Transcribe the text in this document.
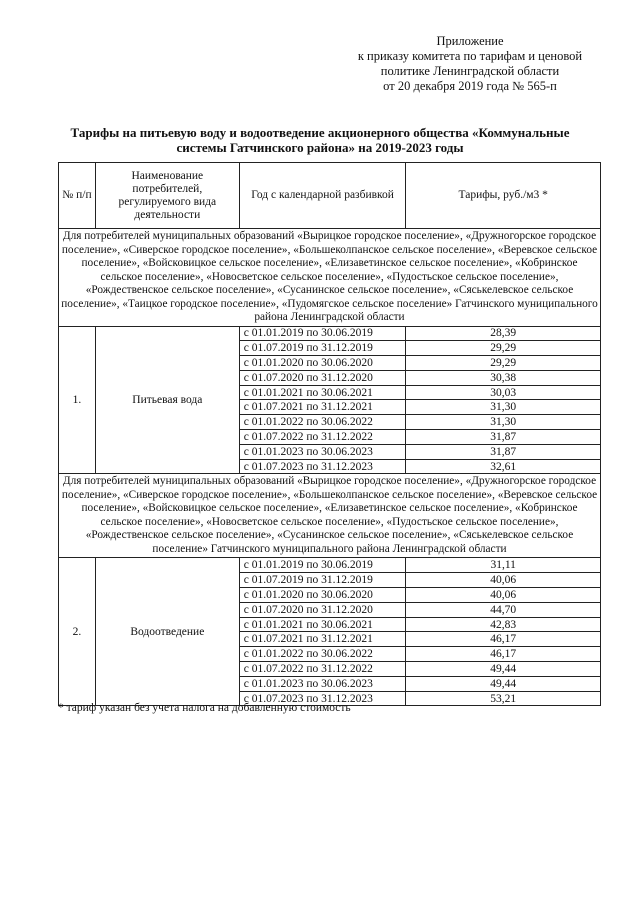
Приложение
к приказу комитета по тарифам и ценовой
политике Ленинградской области
от 20 декабря 2019 года № 565-п
Тарифы на питьевую воду и водоотведение акционерного общества «Коммунальные
системы Гатчинского района» на 2019-2023 годы
№ п/п	Наименование потребителей, регулируемого вида деятельности	Год с календарной разбивкой	Тарифы, руб./м3 *
Для потребителей муниципальных образований «Вырицкое городское поселение», «Дружногорское городское поселение», «Сиверское городское поселение», «Большеколпанское сельское поселение», «Веревское сельское поселение», «Войсковицкое сельское поселение», «Елизаветинское сельское поселение», «Кобринское сельское поселение», «Новосветское сельское поселение», «Пудостьское сельское поселение», «Рождественское сельское поселение», «Сусанинское сельское поселение», «Сяськелевское сельское поселение», «Таицкое городское поселение», «Пудомягское сельское поселение» Гатчинского муниципального района Ленинградской области			
1.	Питьевая вода	с 01.01.2019 по 30.06.2019	28,39
		с 01.07.2019 по 31.12.2019	29,29
		с 01.01.2020 по 30.06.2020	29,29
		с 01.07.2020 по 31.12.2020	30,38
		с 01.01.2021 по 30.06.2021	30,03
		с 01.07.2021 по 31.12.2021	31,30
		с 01.01.2022 по 30.06.2022	31,30
		с 01.07.2022 по 31.12.2022	31,87
		с 01.01.2023 по 30.06.2023	31,87
		с 01.07.2023 по 31.12.2023	32,61
Для потребителей муниципальных образований «Вырицкое городское поселение», «Дружногорское городское поселение», «Сиверское городское поселение», «Большеколпанское сельское поселение», «Веревское сельское поселение», «Войсковицкое сельское поселение», «Елизаветинское сельское поселение», «Кобринское сельское поселение», «Новосветское сельское поселение», «Пудостьское сельское поселение», «Рождественское сельское поселение», «Сусанинское сельское поселение», «Сяськелевское сельское поселение» Гатчинского муниципального района Ленинградской области			
2.	Водоотведение	с 01.01.2019 по 30.06.2019	31,11
		с 01.07.2019 по 31.12.2019	40,06
		с 01.01.2020 по 30.06.2020	40,06
		с 01.07.2020 по 31.12.2020	44,70
		с 01.01.2021 по 30.06.2021	42,83
		с 01.07.2021 по 31.12.2021	46,17
		с 01.01.2022 по 30.06.2022	46,17
		с 01.07.2022 по 31.12.2022	49,44
		с 01.01.2023 по 30.06.2023	49,44
		с 01.07.2023 по 31.12.2023	53,21
* тариф указан без учета налога на добавленную стоимость
